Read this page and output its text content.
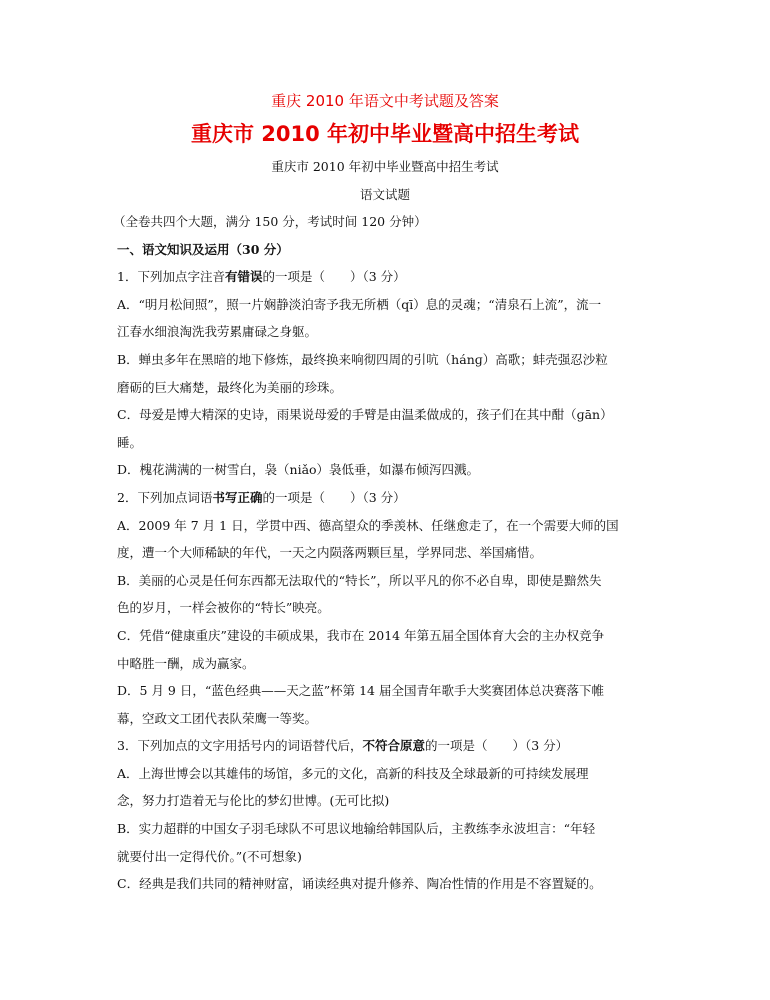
重庆 2010 年语文中考试题及答案
重庆市 2010 年初中毕业暨高中招生考试
重庆市 2010 年初中毕业暨高中招生考试
语文试题
（全卷共四个大题，满分 150 分，考试时间 120 分钟）
一、语文知识及运用（30 分）
1．下列加点字注音有错误的一项是（　　）（3 分）
A．“明月松间照”，照一片娴静淡泊寄予我无所栖（qī）息的灵魂；“清泉石上流”，流一
江春水细浪淘洗我劳累庸碌之身躯。
B．蝉虫多年在黑暗的地下修炼，最终换来响彻四周的引吭（hánɡ）高歌；蚌壳强忍沙粒
磨砺的巨大痛楚，最终化为美丽的珍珠。
C．母爱是博大精深的史诗，雨果说母爱的手臂是由温柔做成的，孩子们在其中酣（ɡān）
睡。
D．槐花满满的一树雪白，袅（niǎo）袅低垂，如瀑布倾泻四溅。
2．下列加点词语书写正确的一项是（　　）（3 分）
A．2009 年 7 月 1 日，学贯中西、德高望众的季羡林、任继愈走了，在一个需要大师的国
度，遭一个大师稀缺的年代，一天之内陨落两颗巨星，学界同悲、举国痛惜。
B．美丽的心灵是任何东西都无法取代的“特长”，所以平凡的你不必自卑，即使是黯然失
色的岁月，一样会被你的“特长”映亮。
C．凭借“健康重庆”建设的丰硕成果，我市在 2014 年第五届全国体育大会的主办权竞争
中略胜一酬，成为赢家。
D．5 月 9 日，“蓝色经典——天之蓝”杯第 14 届全国青年歌手大奖赛团体总决赛落下帷
幕，空政文工团代表队荣鹰一等奖。
3．下列加点的文字用括号内的词语替代后，不符合原意的一项是（　　）（3 分）
A．上海世博会以其雄伟的场馆，多元的文化，高新的科技及全球最新的可持续发展理
念，努力打造着无与伦比的梦幻世博。(无可比拟)
B．实力超群的中国女子羽毛球队不可思议地输给韩国队后，主教练李永波坦言：“年轻
就要付出一定得代价。”(不可想象)
C．经典是我们共同的精神财富，诵读经典对提升修养、陶冶性情的作用是不容置疑的。
